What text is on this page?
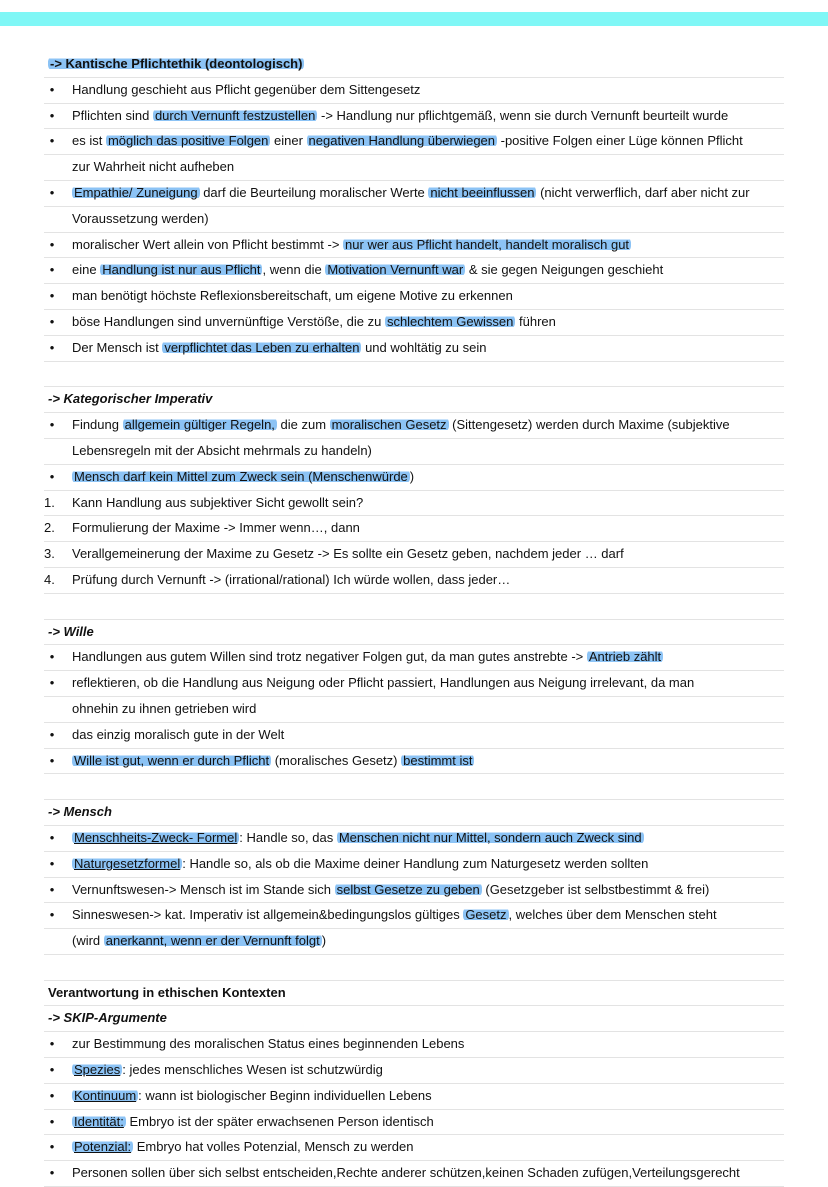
-> Kantische Pflichtethik (deontologisch)
• Handlung geschieht aus Pflicht gegenüber dem Sittengesetz
• Pflichten sind durch Vernunft festzustellen -> Handlung nur pflichtgemäß, wenn sie durch Vernunft beurteilt wurde
• es ist möglich das positive Folgen einer negativen Handlung überwiegen -positive Folgen einer Lüge können Pflicht
zur Wahrheit nicht aufheben
• Empathie/ Zuneigung darf die Beurteilung moralischer Werte nicht beeinflussen (nicht verwerflich, darf aber nicht zur
Voraussetzung werden)
• moralischer Wert allein von Pflicht bestimmt -> nur wer aus Pflicht handelt, handelt moralisch gut
• eine Handlung ist nur aus Pflicht , wenn die Motivation Vernunft war & sie gegen Neigungen geschieht
• man benötigt höchste Reflexionsbereitschaft, um eigene Motive zu erkennen
• böse Handlungen sind unvernünftige Verstöße, die zu schlechtem Gewissen führen
• Der Mensch ist verpflichtet das Leben zu erhalten und wohltätig zu sein
-> Kategorischer Imperativ
• Findung allgemein gültiger Regeln, die zum moralischen Gesetz (Sittengesetz) werden durch Maxime (subjektive
Lebensregeln mit der Absicht mehrmals zu handeln)
• Mensch darf kein Mittel zum Zweck sein (Menschenwürde )
1.	Kann Handlung aus subjektiver Sicht gewollt sein?
2.	Formulierung der Maxime -> Immer wenn…, dann
3.	Verallgemeinerung der Maxime zu Gesetz -> Es sollte ein Gesetz geben, nachdem jeder … darf
4.	Prüfung durch Vernunft -> (irrational/rational) Ich würde wollen, dass jeder…
-> Wille
• Handlungen aus gutem Willen sind trotz negativer Folgen gut, da man gutes anstrebte -> Antrieb zählt
• reflektieren, ob die Handlung aus Neigung oder Pflicht passiert, Handlungen aus Neigung irrelevant, da man
ohnehin zu ihnen getrieben wird
• das einzig moralisch gute in der Welt
• Wille ist gut, wenn er durch Pflicht (moralisches Gesetz) bestimmt ist
-> Mensch
• Menschheits-Zweck- Formel : Handle so, das Menschen nicht nur Mittel, sondern auch Zweck sind
• Naturgesetzformel : Handle so, als ob die Maxime deiner Handlung zum Naturgesetz werden sollten
• Vernunftswesen-> Mensch ist im Stande sich selbst Gesetze zu geben (Gesetzgeber ist selbstbestimmt & frei)
• Sinneswesen-> kat. Imperativ ist allgemein&bedingungslos gültiges Gesetz , welches über dem Menschen steht
(wird anerkannt, wenn er der Vernunft folgt )
Verantwortung in ethischen Kontexten
-> SKIP-Argumente
• zur Bestimmung des moralischen Status eines beginnenden Lebens
• Spezies : jedes menschliches Wesen ist schutzwürdig
• Kontinuum : wann ist biologischer Beginn individuellen Lebens
• Identität: Embryo ist der später erwachsenen Person identisch
• Potenzial: Embryo hat volles Potenzial, Mensch zu werden
• Personen sollen über sich selbst entscheiden,Rechte anderer schützen,keinen Schaden zufügen,Verteilungsgerecht
